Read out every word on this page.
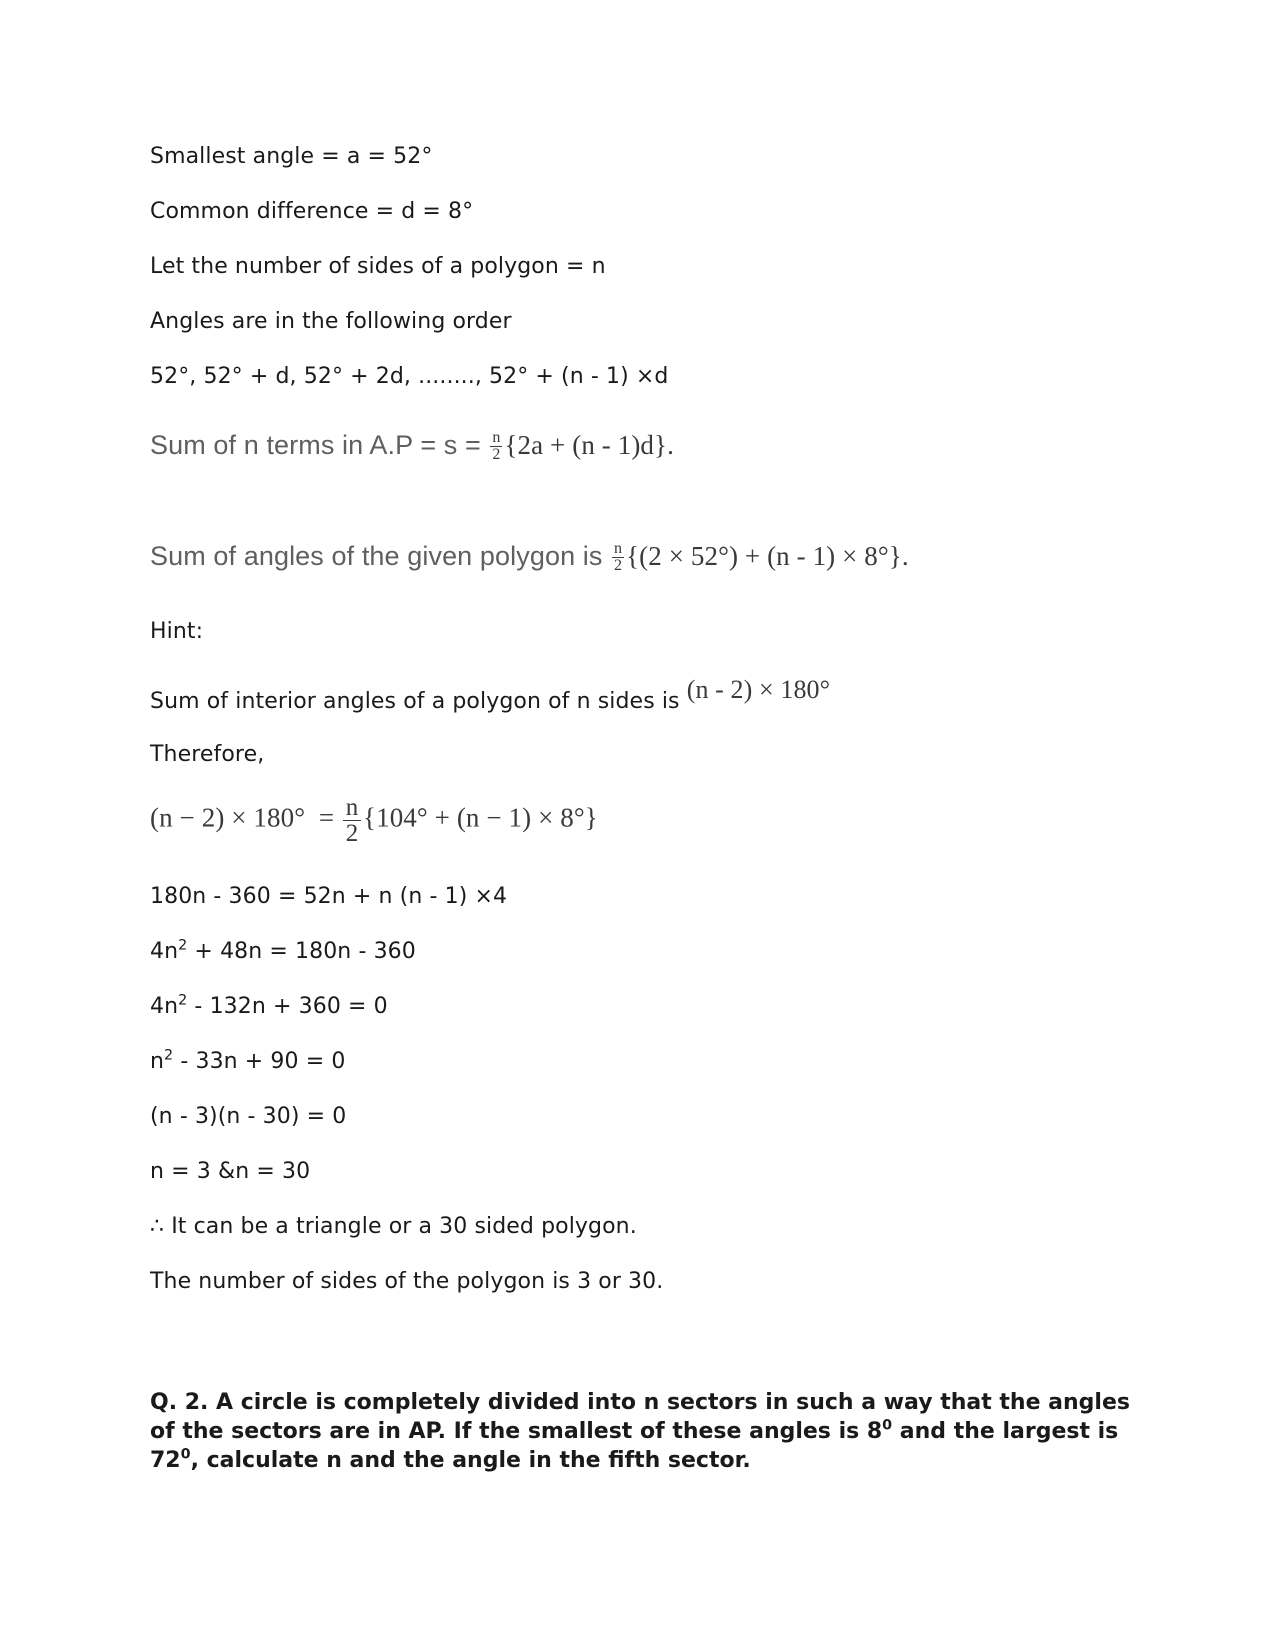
Smallest angle = a = 52°
Common difference = d = 8°
Let the number of sides of a polygon = n
Angles are in the following order
52°, 52° + d, 52° + 2d, ........, 52° + (n - 1) ×d
Sum of n terms in $A.P = s = \frac{n}{2} \{2a + (n - 1)d\}$.
Sum of angles of the given polygon is $\frac{n}{2} \{(2 \times 52^\circ) + (n - 1) \times 8^\circ\}$.
Hint:
Sum of interior angles of a polygon of n sides is (n - 2) × 180°
Therefore,
$(n - 2) \times 180^\circ = \frac{n}{2} \{104^\circ + (n - 1) \times 8^\circ\}$
180n - 360 = 52n + n (n - 1) ×4
$4n^2 + 48n = 180n - 360$
$4n^2 - 132n + 360 = 0$
$n^2 - 33n + 90 = 0$
(n - 3)(n - 30) = 0
n = 3 &n = 30
∴ It can be a triangle or a 30 sided polygon.
The number of sides of the polygon is 3 or 30.
Q. 2. A circle is completely divided into n sectors in such a way that the angles of the sectors are in AP. If the smallest of these angles is $8^0$ and the largest is $72^0$, calculate n and the angle in the fifth sector.
